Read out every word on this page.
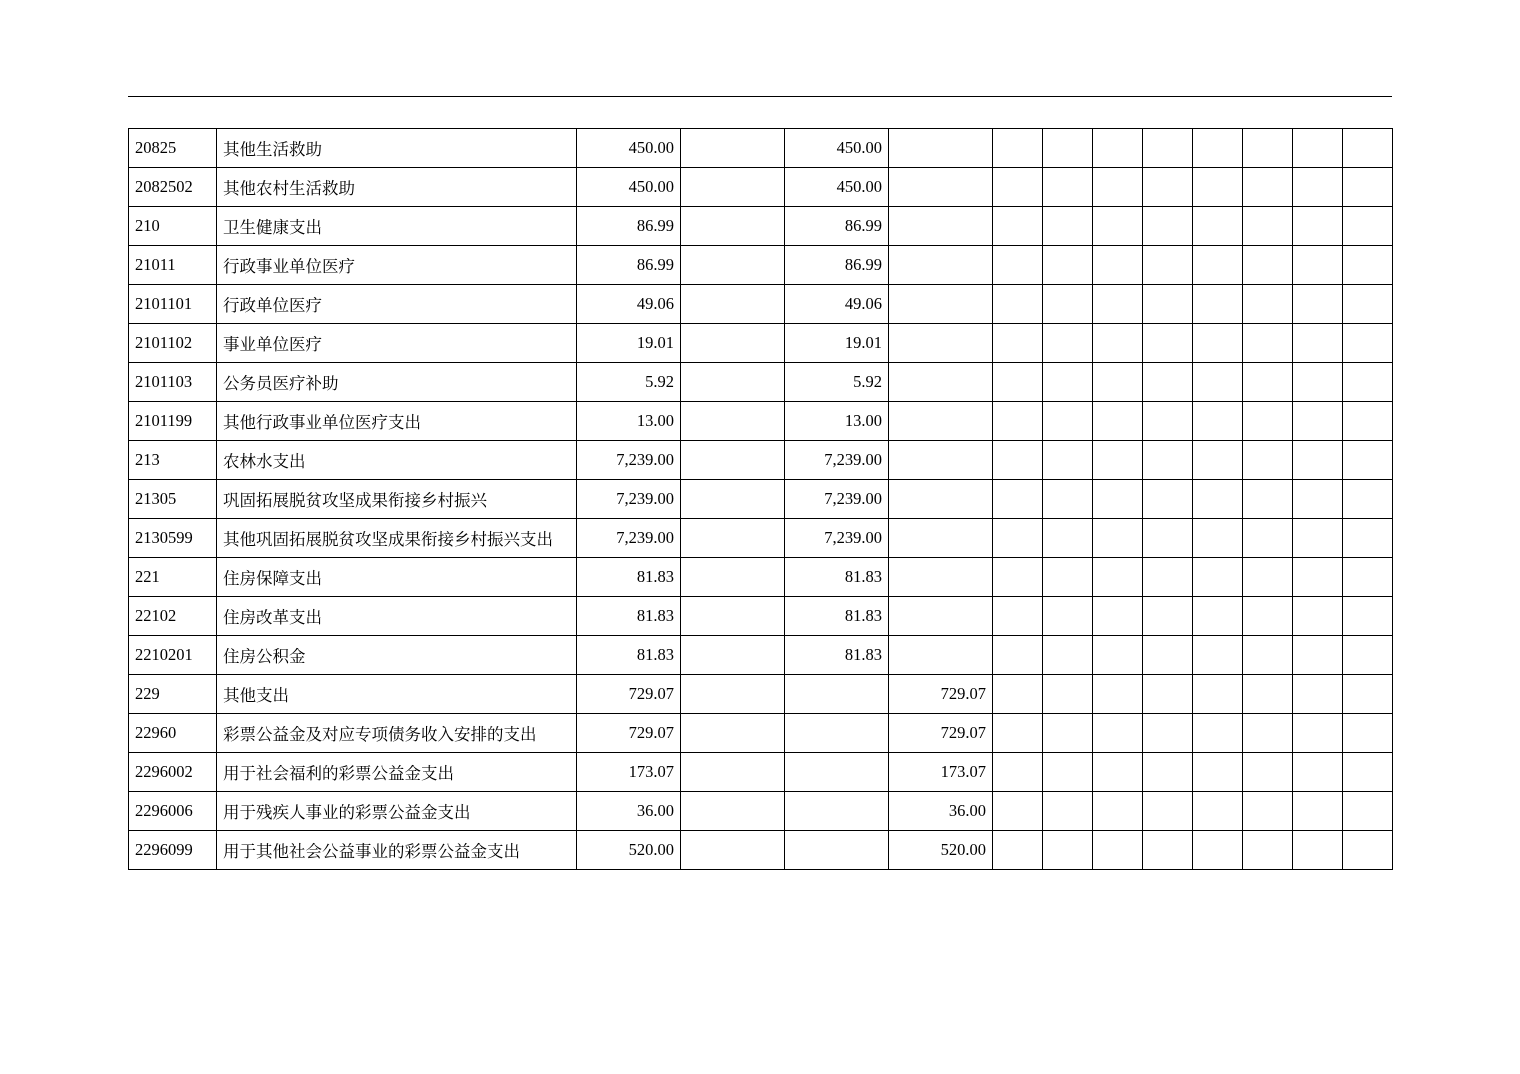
20825	其他生活救助	450.00		450.00									
2082502	其他农村生活救助	450.00		450.00									
210	卫生健康支出	86.99		86.99									
21011	行政事业单位医疗	86.99		86.99									
2101101	行政单位医疗	49.06		49.06									
2101102	事业单位医疗	19.01		19.01									
2101103	公务员医疗补助	5.92		5.92									
2101199	其他行政事业单位医疗支出	13.00		13.00									
213	农林水支出	7,239.00		7,239.00									
21305	巩固拓展脱贫攻坚成果衔接乡村振兴	7,239.00		7,239.00									
2130599	其他巩固拓展脱贫攻坚成果衔接乡村振兴支出	7,239.00		7,239.00									
221	住房保障支出	81.83		81.83									
22102	住房改革支出	81.83		81.83									
2210201	住房公积金	81.83		81.83									
229	其他支出	729.07			729.07								
22960	彩票公益金及对应专项债务收入安排的支出	729.07			729.07								
2296002	用于社会福利的彩票公益金支出	173.07			173.07								
2296006	用于残疾人事业的彩票公益金支出	36.00			36.00								
2296099	用于其他社会公益事业的彩票公益金支出	520.00			520.00								
